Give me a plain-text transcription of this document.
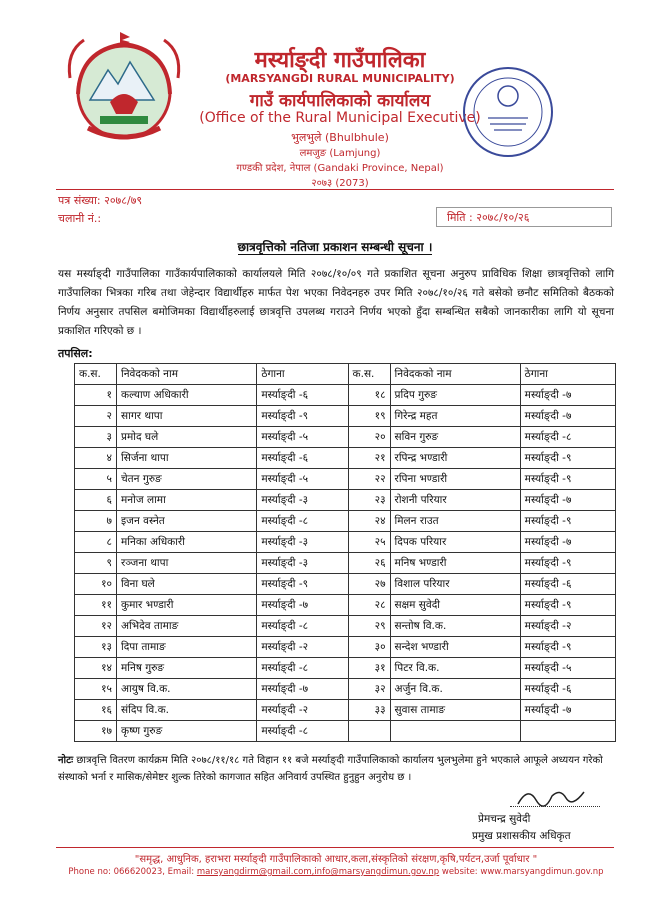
मर्स्याङ्दी गाउँपालिका
(MARSYANGDI RURAL MUNICIPALITY)
गाउँ कार्यपालिकाको कार्यालय
(Office of the Rural Municipal Executive)
भुलभुले (Bhulbhule)
लमजुङ (Lamjung)
गण्डकी प्रदेश, नेपाल (Gandaki Province, Nepal)
२०७३ (2073)
पत्र संख्या: २०७८/७९
चलानी नं.:	मिति : २०७८/१०/२६
छात्रवृत्तिको नतिजा प्रकाशन सम्बन्धी सूचना ।
यस मर्स्याङ्दी गाउँपालिका गाउँकार्यपालिकाको कार्यालयले मिति २०७८/१०/०९ गते प्रकाशित सूचना अनुरुप प्राविधिक शिक्षा छात्रवृत्तिको लागि गाउँपालिका भित्रका गरिब तथा जेहेन्दार विद्यार्थीहरु मार्फत पेश भएका निवेदनहरु उपर मिति २०७८/१०/२६ गते बसेको छनौट समितिको बैठकको निर्णय अनुसार तपसिल बमोजिमका विद्यार्थीहरुलाई छात्रवृत्ति उपलब्ध गराउने निर्णय भएको हुँदा सम्बन्धित सबैको जानकारीका लागि यो सूचना प्रकाशित गरिएको छ ।
तपसिल:
क.स.	निवेदकको नाम	ठेगाना	क.स.	निवेदकको नाम	ठेगाना
१	कल्याण अधिकारी	मर्स्याङ्दी -६	१८	प्रदिप गुरुङ	मर्स्याङ्दी -७
२	सागर थापा	मर्स्याङ्दी -९	१९	गिरेन्द्र महत	मर्स्याङ्दी -७
३	प्रमोद घले	मर्स्याङ्दी -५	२०	सविन गुरुङ	मर्स्याङ्दी -८
४	सिर्जना थापा	मर्स्याङ्दी -६	२१	रपिन्द्र भण्डारी	मर्स्याङ्दी -९
५	चेतन गुरुङ	मर्स्याङ्दी -५	२२	रपिना भण्डारी	मर्स्याङ्दी -९
६	मनोज लामा	मर्स्याङ्दी -३	२३	रोशनी परियार	मर्स्याङ्दी -७
७	इजन वस्नेत	मर्स्याङ्दी -८	२४	मिलन राउत	मर्स्याङ्दी -९
८	मनिका अधिकारी	मर्स्याङ्दी -३	२५	दिपक परियार	मर्स्याङ्दी -७
९	रञ्जना थापा	मर्स्याङ्दी -३	२६	मनिष भण्डारी	मर्स्याङ्दी -९
१०	विना घले	मर्स्याङ्दी -९	२७	विशाल परियार	मर्स्याङ्दी -६
११	कुमार भण्डारी	मर्स्याङ्दी -७	२८	सक्षम सुवेदी	मर्स्याङ्दी -९
१२	अभिदेव तामाङ	मर्स्याङ्दी -८	२९	सन्तोष वि.क.	मर्स्याङ्दी -२
१३	दिपा तामाङ	मर्स्याङ्दी -२	३०	सन्देश भण्डारी	मर्स्याङ्दी -९
१४	मनिष गुरुङ	मर्स्याङ्दी -८	३१	पिटर वि.क.	मर्स्याङ्दी -५
१५	आयुष वि.क.	मर्स्याङ्दी -७	३२	अर्जुन वि.क.	मर्स्याङ्दी -६
१६	संदिप वि.क.	मर्स्याङ्दी -२	३३	सुवास तामाङ	मर्स्याङ्दी -७
१७	कृष्ण गुरुङ	मर्स्याङ्दी -८			
नोटः छात्रवृत्ति वितरण कार्यक्रम मिति २०७८/११/१८ गते विहान ११ बजे मर्स्याङ्दी गाउँपालिकाको कार्यालय भुलभुलेमा हुने भएकाले आफूले अध्ययन गरेको संस्थाको भर्ना र मासिक/सेमेष्टर शुल्क तिरेको कागजात सहित अनिवार्य उपस्थित हुनुहुन अनुरोध छ ।
प्रेमचन्द्र सुवेदी
प्रमुख प्रशासकीय अधिकृत
"समृद्ध, आधुनिक, हराभरा मर्स्याङ्दी गाउँपालिकाको आधार,कला,संस्कृतिको संरक्षण,कृषि,पर्यटन,उर्जा पूर्वाधार "
Phone no: 066620023, Email: marsyangdirm@gmail.com,info@marsyangdimun.gov.np website: www.marsyangdimun.gov.np
